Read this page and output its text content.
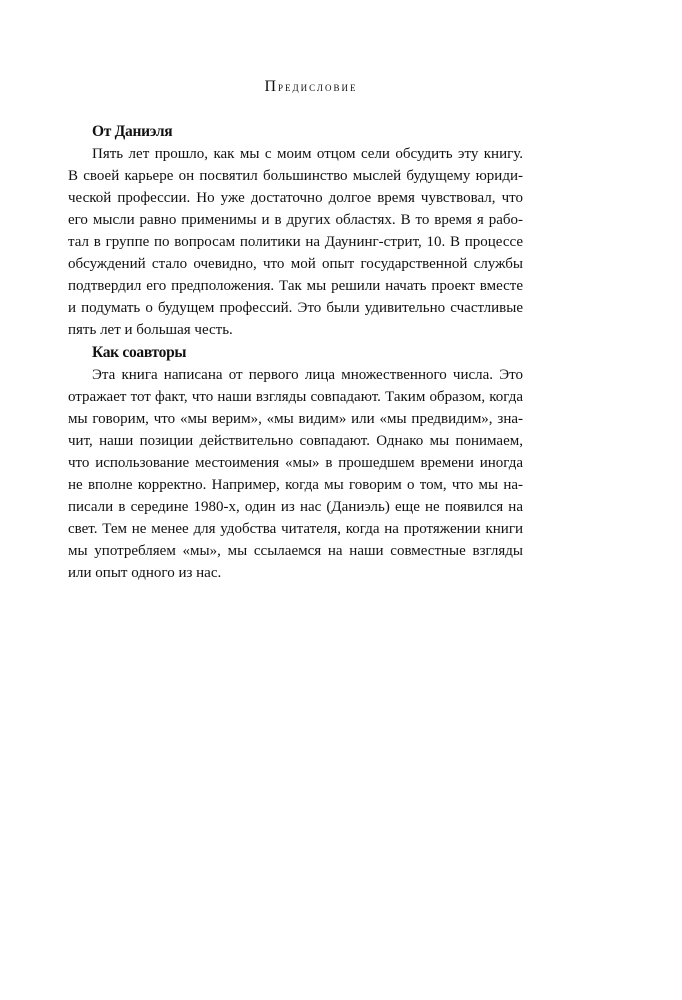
Предисловие
От Даниэля
Пять лет прошло, как мы с моим отцом сели обсудить эту книгу.
В своей карьере он посвятил большинство мыслей будущему юриди-
ческой профессии. Но уже достаточно долгое время чувствовал, что
его мысли равно применимы и в других областях. В то время я рабо-
тал в группе по вопросам политики на Даунинг-стрит, 10. В процессе
обсуждений стало очевидно, что мой опыт государственной службы
подтвердил его предположения. Так мы решили начать проект вместе
и подумать о будущем профессий. Это были удивительно счастливые
пять лет и большая честь.
Как соавторы
Эта книга написана от первого лица множественного числа. Это
отражает тот факт, что наши взгляды совпадают. Таким образом, когда
мы говорим, что «мы верим», «мы видим» или «мы предвидим», зна-
чит, наши позиции действительно совпадают. Однако мы понимаем,
что использование местоимения «мы» в прошедшем времени иногда
не вполне корректно. Например, когда мы говорим о том, что мы на-
писали в середине 1980-х, один из нас (Даниэль) еще не появился на
свет. Тем не менее для удобства читателя, когда на протяжении книги
мы употребляем «мы», мы ссылаемся на наши совместные взгляды
или опыт одного из нас.
